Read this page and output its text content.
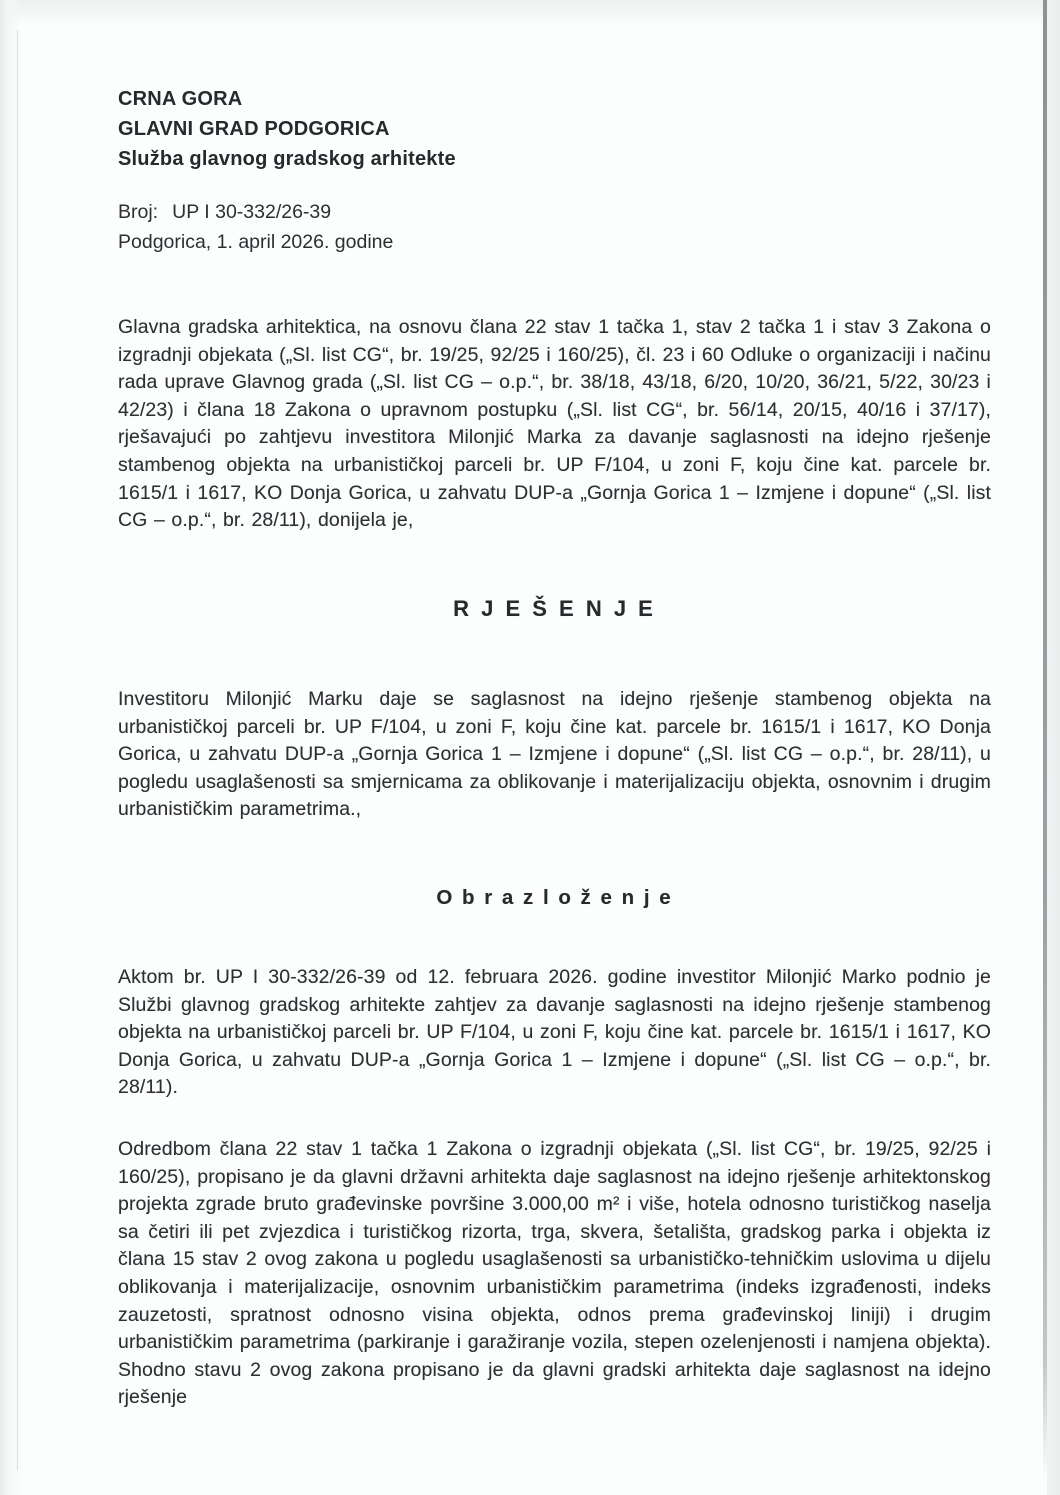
CRNA GORA
GLAVNI GRAD PODGORICA
Služba glavnog gradskog arhitekte
Broj: UP I 30-332/26-39
Podgorica, 1. april 2026. godine
Glavna gradska arhitektica, na osnovu člana 22 stav 1 tačka 1, stav 2 tačka 1 i stav 3 Zakona o izgradnji objekata („Sl. list CG“, br. 19/25, 92/25 i 160/25), čl. 23 i 60 Odluke o organizaciji i načinu rada uprave Glavnog grada („Sl. list CG – o.p.“, br. 38/18, 43/18, 6/20, 10/20, 36/21, 5/22, 30/23 i 42/23) i člana 18 Zakona o upravnom postupku („Sl. list CG“, br. 56/14, 20/15, 40/16 i 37/17), rješavajući po zahtjevu investitora Milonjić Marka za davanje saglasnosti na idejno rješenje stambenog objekta na urbanističkoj parceli br. UP F/104, u zoni F, koju čine kat. parcele br. 1615/1 i 1617, KO Donja Gorica, u zahvatu DUP-a „Gornja Gorica 1 – Izmjene i dopune“ („Sl. list CG – o.p.“, br. 28/11), donijela je,
R J E Š E N J E
Investitoru Milonjić Marku daje se saglasnost na idejno rješenje stambenog objekta na urbanističkoj parceli br. UP F/104, u zoni F, koju čine kat. parcele br. 1615/1 i 1617, KO Donja Gorica, u zahvatu DUP-a „Gornja Gorica 1 – Izmjene i dopune“ („Sl. list CG – o.p.“, br. 28/11), u pogledu usaglašenosti sa smjernicama za oblikovanje i materijalizaciju objekta, osnovnim i drugim urbanističkim parametrima.,
O b r a z l o ž e n j e
Aktom br. UP I 30-332/26-39 od 12. februara 2026. godine investitor Milonjić Marko podnio je Službi glavnog gradskog arhitekte zahtjev za davanje saglasnosti na idejno rješenje stambenog objekta na urbanističkoj parceli br. UP F/104, u zoni F, koju čine kat. parcele br. 1615/1 i 1617, KO Donja Gorica, u zahvatu DUP-a „Gornja Gorica 1 – Izmjene i dopune“ („Sl. list CG – o.p.“, br. 28/11).
Odredbom člana 22 stav 1 tačka 1 Zakona o izgradnji objekata („Sl. list CG“, br. 19/25, 92/25 i 160/25), propisano je da glavni državni arhitekta daje saglasnost na idejno rješenje arhitektonskog projekta zgrade bruto građevinske površine 3.000,00 m² i više, hotela odnosno turističkog naselja sa četiri ili pet zvjezdica i turističkog rizorta, trga, skvera, šetališta, gradskog parka i objekta iz člana 15 stav 2 ovog zakona u pogledu usaglašenosti sa urbanističko-tehničkim uslovima u dijelu oblikovanja i materijalizacije, osnovnim urbanističkim parametrima (indeks izgrađenosti, indeks zauzetosti, spratnost odnosno visina objekta, odnos prema građevinskoj liniji) i drugim urbanističkim parametrima (parkiranje i garažiranje vozila, stepen ozelenjenosti i namjena objekta). Shodno stavu 2 ovog zakona propisano je da glavni gradski arhitekta daje saglasnost na idejno rješenje
